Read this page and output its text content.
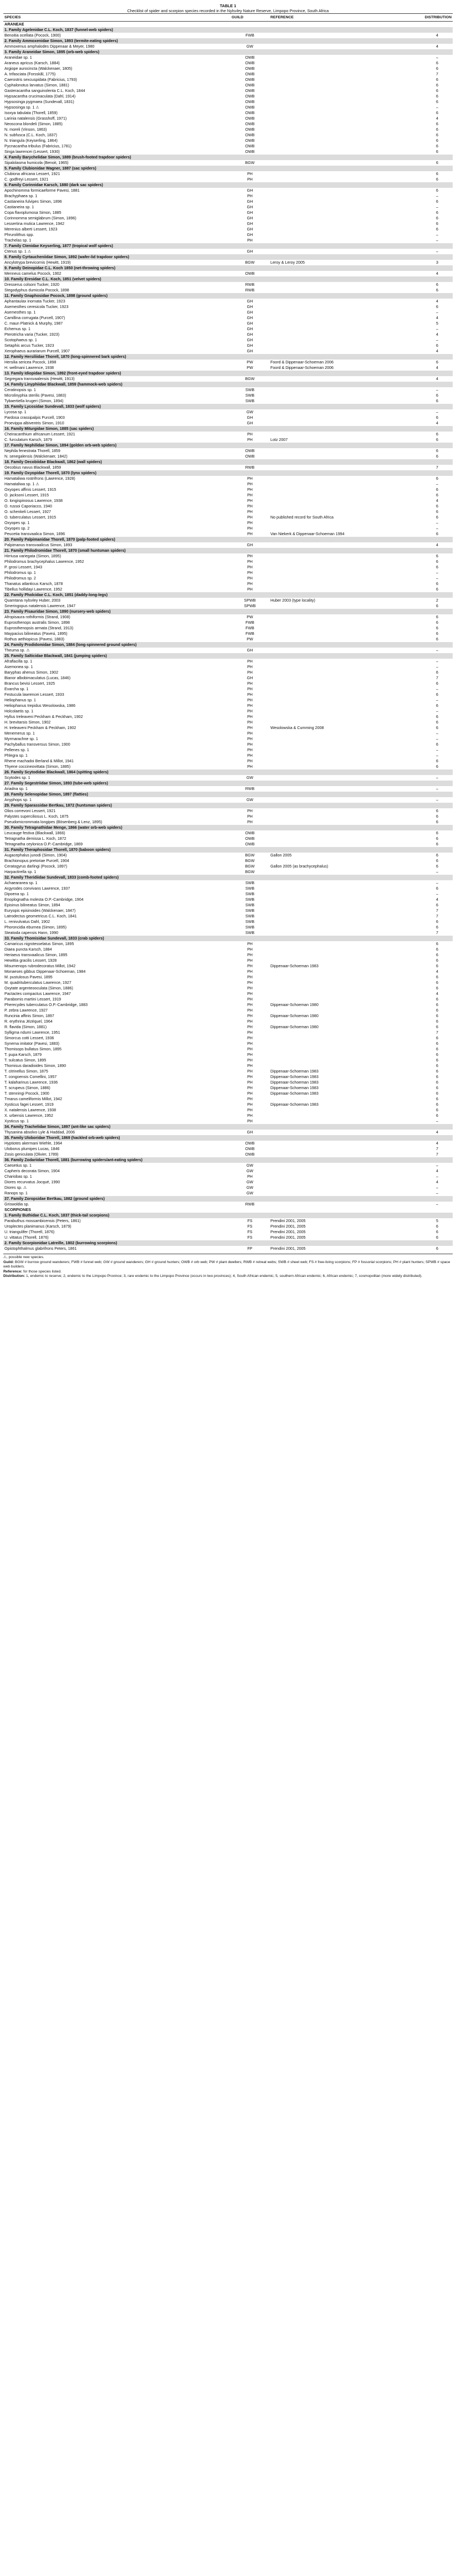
TABLE 1
Checklist of spider and scorpion species recorded in the Nylsvley Nature Reserve, Limpopo Province, South Africa
SPECIES	GUILD	REFERENCE	DISTRIBUTION
ARANEAE			
1. Family Agelenidae C.L. Koch, 1837 (funnel-web spiders)			
Benoitia ocellata (Pocock, 1900)	FWB		4
2. Family Ammoxenidae Simon, 1893 (termite-eating spiders)			
Ammoxenus amphalodes Dippenaar & Meyer, 1980	GW		4
3. Family Araneidae Simon, 1895 (orb-web spiders)			
Araneidae sp. 1	OWB		–
Araneus apricus (Karsch, 1884)	OWB		6
Argiope aurocincta (Walckenaer, 1805)	OWB		6
A. trifasciata (Forsskål, 1775)	OWB		7
Caerostris sexcuspidata (Fabricius, 1793)	OWB		6
Cyphalonotus larvatus (Simon, 1881)	OWB		6
Gasteracantha sanguinolenta C.L. Koch, 1844	OWB		6
Hypsacantha crucimaculata (Dahl, 1914)	OWB		6
Hypsosinga pygmaea (Sundevall, 1831)	OWB		6
Hypsosinga sp. 1 ⚠	OWB		–
Isoxya tabulata (Thorell, 1859)	OWB		6
Larinia natalensis (Grasshoff, 1971)	OWB		4
Neoscona blondeli (Simon, 1885)	OWB		6
N. moreli (Vinson, 1863)	OWB		6
N. subfusca (C.L. Koch, 1837)	OWB		6
N. triangula (Keyserling, 1864)	OWB		6
Pycnacantha tribulus (Fabricius, 1781)	OWB		6
Singa lawrencei (Lessert, 1930)	OWB		6
4. Family Barychelidae Simon, 1889 (brush-footed trapdoor spiders)			
Sipalolasma humicola (Benoit, 1965)	BGW		6
5. Family Clubionidae Wagner, 1887 (sac spiders)			
Clubiona africana Lessert, 1921	PH		6
C. godfreyi Lessert, 1921	PH		6
6. Family Corinnidae Karsch, 1880 (dark sac spiders)			
Apochinomma formicaeforme Pavesi, 1881	GH		6
Brachyphaea sp. 1	PH		–
Castianeira fulvipes Simon, 1896	GH		6
Castianeira sp. 1	GH		–
Copa flavoplumosa Simon, 1885	GH		6
Corinnomma semiglabrum (Simon, 1896)	GH		6
Lessertina mutica Lawrence, 1942	GH		6
Merenius alberti Lessert, 1923	GH		6
Phrurolithus spp.	GH		–
Trachelas sp. 1	PH		–
7. Family Ctenidae Keyserling, 1877 (tropical wolf spiders)			
Ctenus sp. 1 ⚠	GH		–
8. Family Cyrtaucheniidae Simon, 1892 (wafer-lid trapdoor spiders)			
Ancylotrypa brevicornis (Hewitt, 1919)	BGW	Leroy & Leroy 2005	3
9. Family Deinopidae C.L. Koch 1850 (net-throwing spiders)			
Menneus camelus Pocock, 1902	OWB		4
10. Family Eresidae C.L. Koch, 1851 (velvet spiders)			
Dresserus colsoni Tucker, 1920	RWB		6
Stegodyphus dumicola Pocock, 1898	RWB		6
11. Family Gnaphosidae Pocock, 1898 (ground spiders)			
Aphantaulax inornata Tucker, 1923	GH		4
Asemesthes ceresicola Tucker, 1923	GH		6
Asemesthes sp. 1	GH		–
Camillina corrugata (Purcell, 1907)	GH		4
C. maun Platnick & Murphy, 1987	GH		5
Echemus sp. 1	GH		–
Pterotricha varia (Tucker, 1923)	GH		4
Scotophaeus sp. 1	GH		–
Setaphis arcus Tucker, 1923	GH		6
Xerophaeus aurariarum Purcell, 1907	GH		4
12. Family Hersiliidae Thorell, 1870 (long-spinnered bark spiders)			
Hersilia sericea Pocock, 1898	PW	Foord & Dippenaar-Schoeman 2006	6
H. wellmani Lawrence, 1938	PW	Foord & Dippenaar-Schoeman 2006	4
13. Family Idiopidae Simon, 1892 (front-eyed trapdoor spiders)			
Segregara transvaalensis (Hewitt, 1913)	BGW		4
14. Family Linyphiidae Blackwall, 1859 (hammock-web spiders)			
Ceratinopsis sp. 1	SWB		–
Microlinyphia sterilis (Pavesi, 1883)	SWB		6
Tybaertiella krugeri (Simon, 1894)	SWB		6
15. Family Lycosidae Sundevall, 1833 (wolf spiders)			
Lycosa sp. 1	GW		–
Pardosa crassipalpis Purcell, 1903	GH		6
Proevippa albiventris Simon, 1910	GH		4
16. Family Miturgidae Simon, 1885 (sac spiders)			
Cheiracanthium africanum Lessert, 1921	PH		6
C. furculatum Karsch, 1879	PH	Lotz 2007	6
17. Family Nephilidae Simon, 1894 (golden orb-web spiders)			
Nephila fenestrata Thorell, 1859	OWB		6
N. senegalensis (Walckenaer, 1842)	OWB		6
18. Family Oecobiidae Blackwall, 1862 (wall spiders)			
Oecobius navus Blackwall, 1859	RWB		7
19. Family Oxyopidae Thorell, 1870 (lynx spiders)			
Hamataliwa rostrifrons (Lawrence, 1928)	PH		6
Hamataliwa sp. 1 ⚠	PH		–
Oxyopes affinis Lessert, 1915	PH		6
O. jacksoni Lessert, 1915	PH		6
O. longispinosus Lawrence, 1938	PH		4
O. russoi Caporiacco, 1940	PH		6
O. schenkeli Lessert, 1927	PH		6
O. tuberculatus Lessert, 1915	PH	No published record for South Africa	6
Oxyopes sp. 1	PH		–
Oxyopes sp. 2	PH		–
Peucetia transvaalica Simon, 1896	PH	Van Niekerk & Dippenaar-Schoeman 1994	6
20. Family Palpimanidae Thorell, 1870 (palp-footed spiders)			
Palpimanus transvaalicus Simon, 1893	GH		4
21. Family Philodromidae Thorell, 1870 (small huntsman spiders)			
Hirriusa variegata (Simon, 1895)	PH		6
Philodromus brachycephalus Lawrence, 1952	PH		6
P. grosi Lessert, 1943	PH		6
Philodromus sp. 1	PH		–
Philodromus sp. 2	PH		–
Thanatus atlanticus Karsch, 1878	PH		6
Tibellus hollidayi Lawrence, 1952	PH		6
22. Family Pholcidae C.L. Koch, 1851 (daddy-long-legs)			
Quamtana nylsvley Huber, 2003	SPWB	Huber 2003 (type locality)	2
Smeringopus natalensis Lawrence, 1947	SPWB		6
23. Family Pisauridae Simon, 1890 (nursery-web spiders)			
Afropisaura rothiformis (Strand, 1908)	PW		6
Euprosthenops australis Simon, 1898	FWB		6
Euprosthenopsis armata (Strand, 1913)	FWB		6
Maypacius bilineatus (Pavesi, 1895)	FWB		6
Rothus aethiopicus (Pavesi, 1883)	PW		6
24. Family Prodidomidae Simon, 1884 (long-spinnered ground spiders)			
Theuma sp. ⚠	GH		–
25. Family Salticidae Blackwall, 1841 (jumping spiders)			
Afraflacilla sp. 1	PH		–
Asemonea sp. 1	PH		–
Baryphas ahenus Simon, 1902	PH		6
Bianor albobimaculatus (Lucas, 1846)	GH		7
Brancus bevisi Lessert, 1925	PH		6
Evarcha sp. 1	PH		–
Festucula lawrencei Lessert, 1933	PH		6
Heliophanus sp. 1	PH		–
Heliophanus trepidus Wesolowska, 1986	PH		6
Holcolaetis sp. 1	PH		–
Hyllus treleaveni Peckham & Peckham, 1902	PH		6
H. brevitarsis Simon, 1902	PH		6
H. treleaveni Peckham & Peckham, 1902	PH	Wesolowska & Cumming 2008	6
Menemerus sp. 1	PH		–
Myrmarachne sp. 1	PH		–
Pachyballus transversus Simon, 1900	PH		6
Pellenes sp. 1	PH		–
Phlegra sp. 1	PH		–
Rhene machadoi Berland & Millot, 1941	PH		6
Thyene coccineovittata (Simon, 1885)	PH		6
26. Family Scytodidae Blackwall, 1864 (spitting spiders)			
Scytodes sp. 1	GW		–
27. Family Segestriidae Simon, 1893 (tube-web spiders)			
Ariadna sp. 1	RWB		–
28. Family Selenopidae Simon, 1897 (flatties)			
Anyphops sp. 1	GW		–
29. Family Sparassidae Bertkau, 1872 (huntsman spiders)			
Olios correvoni Lessert, 1921	PH		6
Palystes superciliosus L. Koch, 1875	PH		6
Pseudomicrommata longipes (Bösenberg & Lenz, 1895)	PH		6
30. Family Tetragnathidae Menge, 1866 (water orb-web spiders)			
Leucauge festiva (Blackwall, 1866)	OWB		6
Tetragnatha demissa L. Koch, 1872	OWB		6
Tetragnatha ceylonica O.P.-Cambridge, 1869	OWB		6
31. Family Theraphosidae Thorell, 1870 (baboon spiders)			
Augacephalus junodi (Simon, 1904)	BGW	Gallon 2005	6
Brachionopus pretoriae Purcell, 1904	BGW		6
Ceratogyrus darlingi (Pocock, 1897)	BGW	Gallon 2005 (as brachycephalus)	6
Harpactirella sp. 1	BGW		–
32. Family Theridiidae Sundevall, 1833 (comb-footed spiders)			
Achaearanea sp. 1	SWB		–
Argyrodes convivans Lawrence, 1937	SWB		6
Dipoena sp. 1	SWB		–
Enoplognatha molesta O.P.-Cambridge, 1904	SWB		4
Episinus bilineatus Simon, 1894	SWB		6
Euryopis episinoides (Walckenaer, 1847)	SWB		7
Latrodectus geometricus C.L. Koch, 1841	SWB		7
L. renivulvatus Dahl, 1902	SWB		6
Phoroncidia eburnea (Simon, 1895)	SWB		6
Steatoda capensis Hann, 1990	SWB		7
33. Family Thomisidae Sundevall, 1833 (crab spiders)			
Camaricus nigrotesselatus Simon, 1895	PH		6
Diaea puncta Karsch, 1884	PH		6
Heriaeus transvaalicus Simon, 1895	PH		6
Hewittia gracilis Lessert, 1928	PH		6
Misumenops rubrodecoratus Millot, 1942	PH	Dippenaar-Schoeman 1983	6
Monaeses gibbus Dippenaar-Schoeman, 1984	PH		4
M. pustulosus Pavesi, 1895	PH		6
M. quadrituberculatus Lawrence, 1927	PH		6
Oxytate argenteooculata (Simon, 1886)	PH		6
Pactactes compactus Lawrence, 1947	PH		4
Parabomis martini Lessert, 1919	PH		6
Pherecydes tuberculatus O.P.-Cambridge, 1883	PH	Dippenaar-Schoeman 1980	6
P. zebra Lawrence, 1927	PH		6
Runcinia affinis Simon, 1897	PH	Dippenaar-Schoeman 1980	6
R. erythrina Jézéquel, 1964	PH		6
R. flavida (Simon, 1881)	PH	Dippenaar-Schoeman 1980	6
Sylligma ndumi Lawrence, 1951	PH		7
Simorcus cotti Lessert, 1936	PH		6
Synema imitator (Pavesi, 1883)	PH		6
Thomisops bullatus Simon, 1895	PH		6
T. pupa Karsch, 1879	PH		6
T. sulcatus Simon, 1895	PH		6
Thomisus daradioides Simon, 1890	PH		6
T. citrinellus Simon, 1875	PH	Dippenaar-Schoeman 1983	6
T. congoensis Comellini, 1957	PH	Dippenaar-Schoeman 1983	6
T. kalaharinus Lawrence, 1936	PH	Dippenaar-Schoeman 1983	6
T. scrupeus (Simon, 1886)	PH	Dippenaar-Schoeman 1983	6
T. stenningi Pocock, 1900	PH	Dippenaar-Schoeman 1983	6
Tmarus cameliformis Millot, 1942	PH		6
Xysticus fagei Lessert, 1919	PH	Dippenaar-Schoeman 1983	6
X. natalensis Lawrence, 1938	PH		6
X. urbensis Lawrence, 1952	PH		6
Xysticus sp. 1	PH		–
34. Family Trachelidae Simon, 1897 (ant-like sac spiders)			
Thysanina absolvo Lyle & Haddad, 2006	GH		4
35. Family Uloboridae Thorell, 1869 (hackled orb-web spiders)			
Hyptiotes akermani Wiehle, 1964	OWB		4
Uloborus plumipes Lucas, 1846	OWB		7
Zosis geniculata (Olivier, 1789)	OWB		7
36. Family Zodariidae Thorell, 1881 (burrowing spiders/ant-eating spiders)			
Caesetius sp. 1	GW		–
Capheris decorata Simon, 1904	GW		4
Chariobas sp. 1	PH		–
Diores recurvatus Jocqué, 1990	GW		4
Diores sp. ⚠	GW		–
Ranops sp. 1	GW		–
37. Family Zoropsidae Bertkau, 1882 (ground spiders)			
Griswoldia sp.	RWB		–
SCORPIONES			
1. Family Buthidae C.L. Koch, 1837 (thick-tail scorpions)			
Parabuthus mossambicensis (Peters, 1861)	FS	Prendini 2001, 2005	5
Uroplectes planimanus (Karsch, 1879)	FS	Prendini 2001, 2005	6
U. triangulifer (Thorell, 1876)	FS	Prendini 2001, 2005	6
U. vittatus (Thorell, 1876)	FS	Prendini 2001, 2005	6
2. Family Scorpionidae Latreille, 1802 (burrowing scorpions)			
Opistophthalmus glabrifrons Peters, 1861	FP	Prendini 2001, 2005	6
⚠, possible new species.
Guild: BGW # burrow ground wanderers; FWB # funnel web; GW # ground wanderers; GH # ground hunters; OWB # orb web; PW # plant dwellers; RWB # retreat webs; SWB # sheet web; FS # free-living scorpions; FP # fossorial scorpions; PH # plant hunters; SPWB # space web builders.
Reference: for those species listed.
Distribution: 1, endemic to reserve; 2, endemic to the Limpopo Province; 3, rare endemic to the Limpopo Province (occurs in two provinces); 4, South African endemic; 5, southern African endemic; 6, African endemic; 7, cosmopolitan (more widely distributed).
